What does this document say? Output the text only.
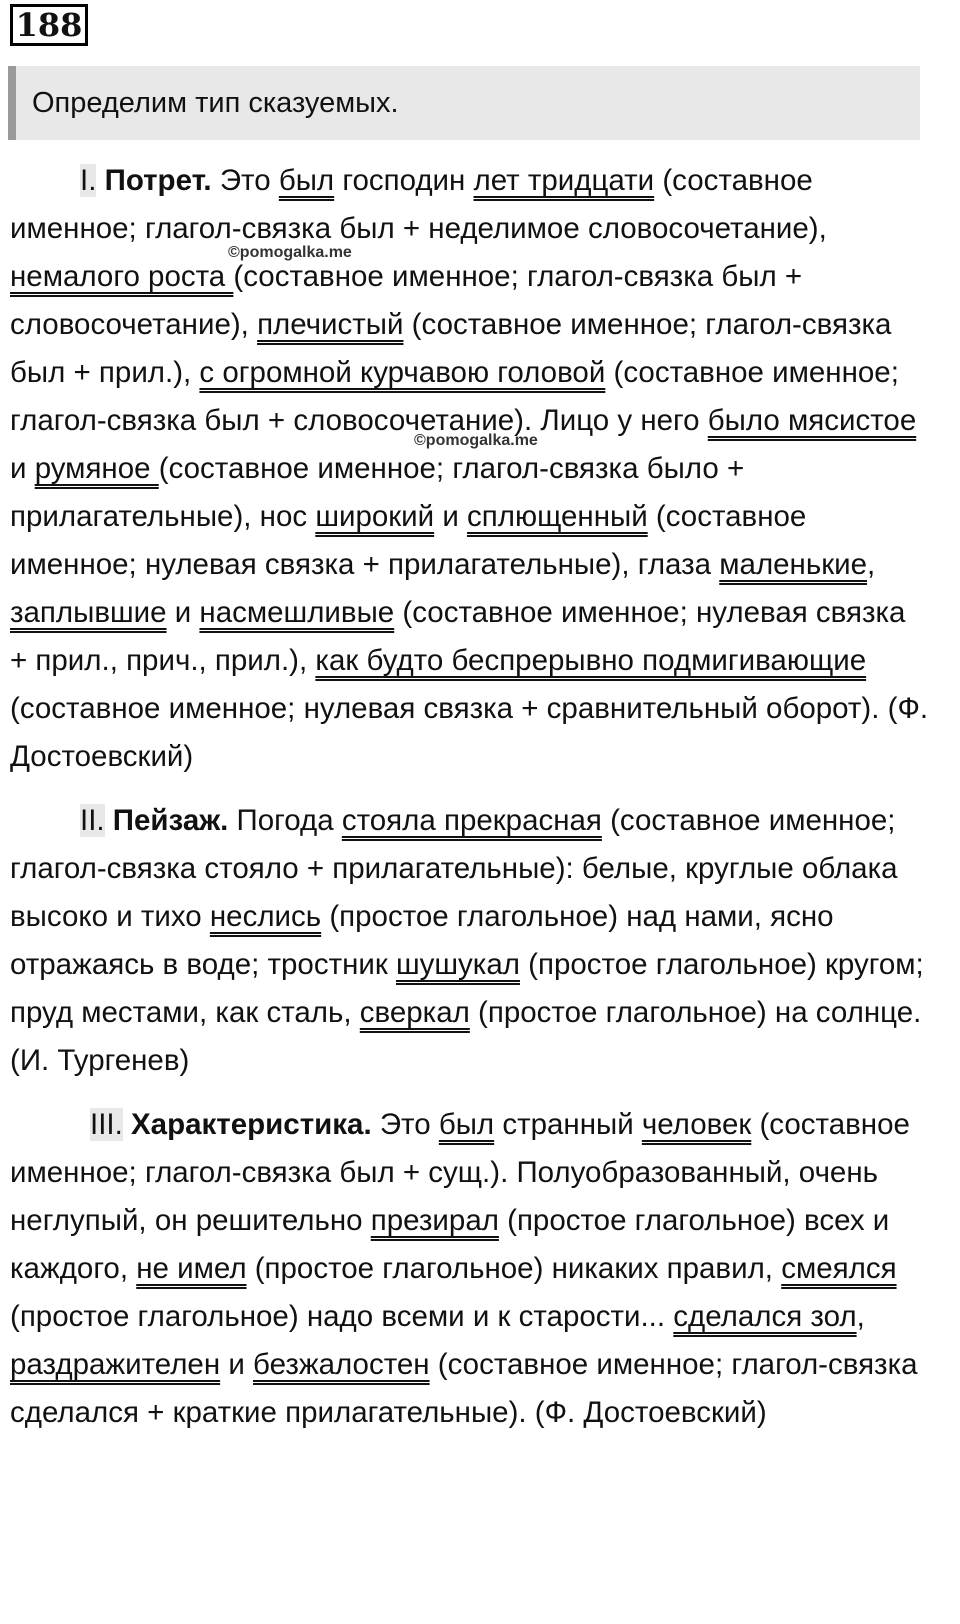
188
Определим тип сказуемых.
©pomogalka.me
©pomogalka.me

I. Потрет. Это был господин лет тридцати (составное именное; глагол-связка был + неделимое словосочетание), немалого роста (составное именное; глагол-связка был + словосочетание), плечистый (составное именное; глагол-связка был + прил.), с огромной курчавою головой (составное именное; глагол-связка был + словосочетание). Лицо у него было мясистое и румяное (составное именное; глагол-связка было + прилагательные), нос широкий и сплющенный (составное именное; нулевая связка + прилагательные), глаза маленькие, заплывшие и насмешливые (составное именное; нулевая связка + прил., прич., прил.), как будто беспрерывно подмигивающие (составное именное; нулевая связка + сравнительный оборот). (Ф. Достоевский)

II. Пейзаж. Погода стояла прекрасная (составное именное; глагол-связка стояло + прилагательные): белые, круглые облака высоко и тихо неслись (простое глагольное) над нами, ясно отражаясь в воде; тростник шушукал (простое глагольное) кругом; пруд местами, как сталь, сверкал (простое глагольное) на солнце. (И. Тургенев)

III. Характеристика. Это был странный человек (составное именное; глагол-связка был + сущ.). Полуобразованный, очень неглупый, он решительно презирал (простое глагольное) всех и каждого, не имел (простое глагольное) никаких правил, смеялся (простое глагольное) надо всеми и к старости... сделался зол, раздражителен и безжалостен (составное именное; глагол-связка сделался + краткие прилагательные). (Ф. Достоевский)
